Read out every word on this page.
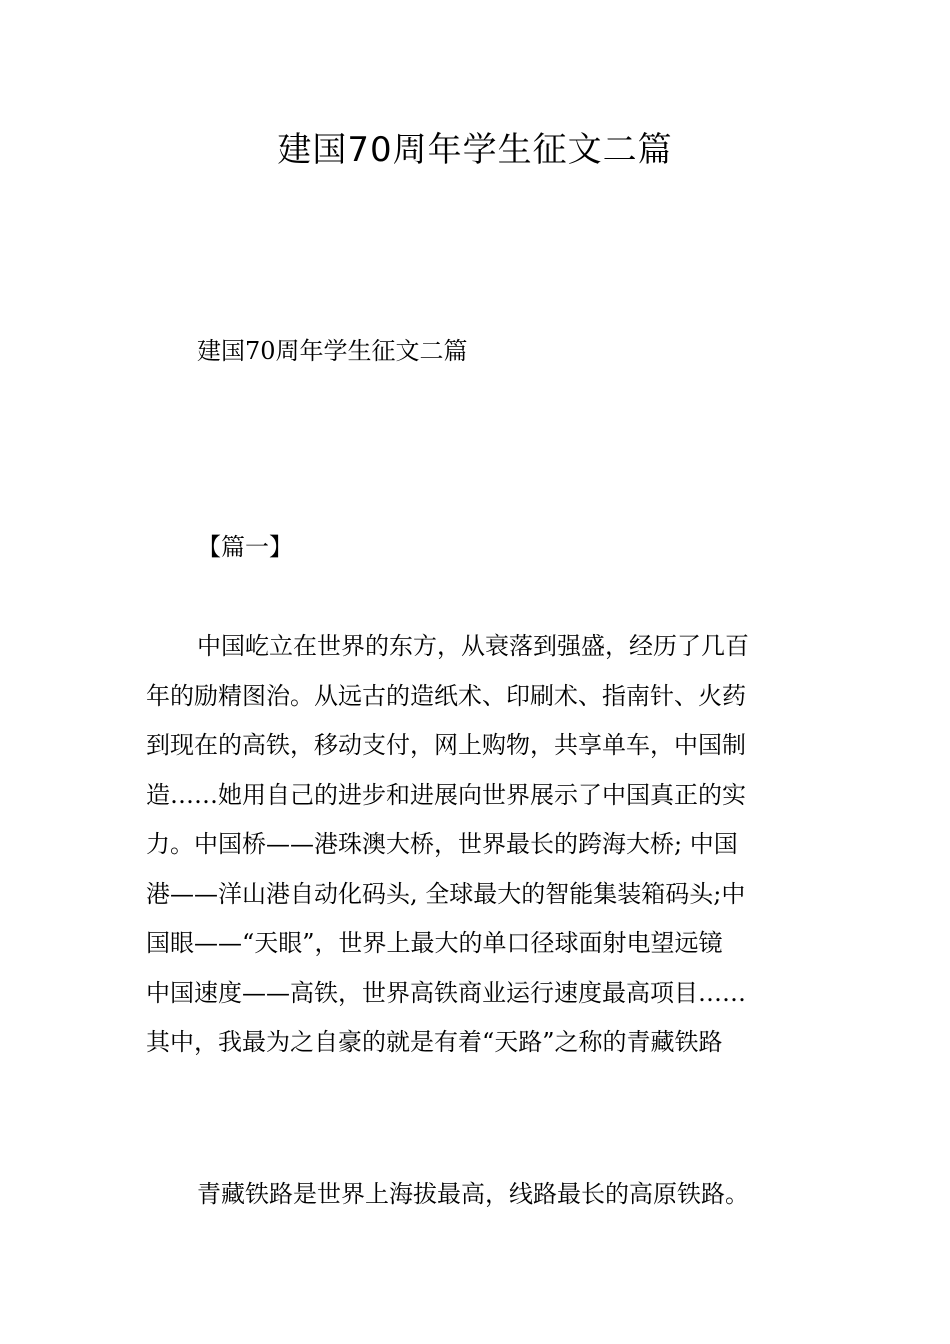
建国70周年学生征文二篇
建国70周年学生征文二篇
【篇一】
中国屹立在世界的东方，从衰落到强盛，经历了几百
年的励精图治。从远古的造纸术、印刷术、指南针、火药
到现在的高铁，移动支付，网上购物，共享单车，中国制
造……她用自己的进步和进展向世界展示了中国真正的实
力。中国桥——港珠澳大桥，世界最长的跨海大桥; 中国
港——洋山港自动化码头, 全球最大的智能集装箱码头;中
国眼——“天眼”，世界上最大的单口径球面射电望远镜
中国速度——高铁，世界高铁商业运行速度最高项目……
其中，我最为之自豪的就是有着“天路”之称的青藏铁路
青藏铁路是世界上海拔最高，线路最长的高原铁路。
